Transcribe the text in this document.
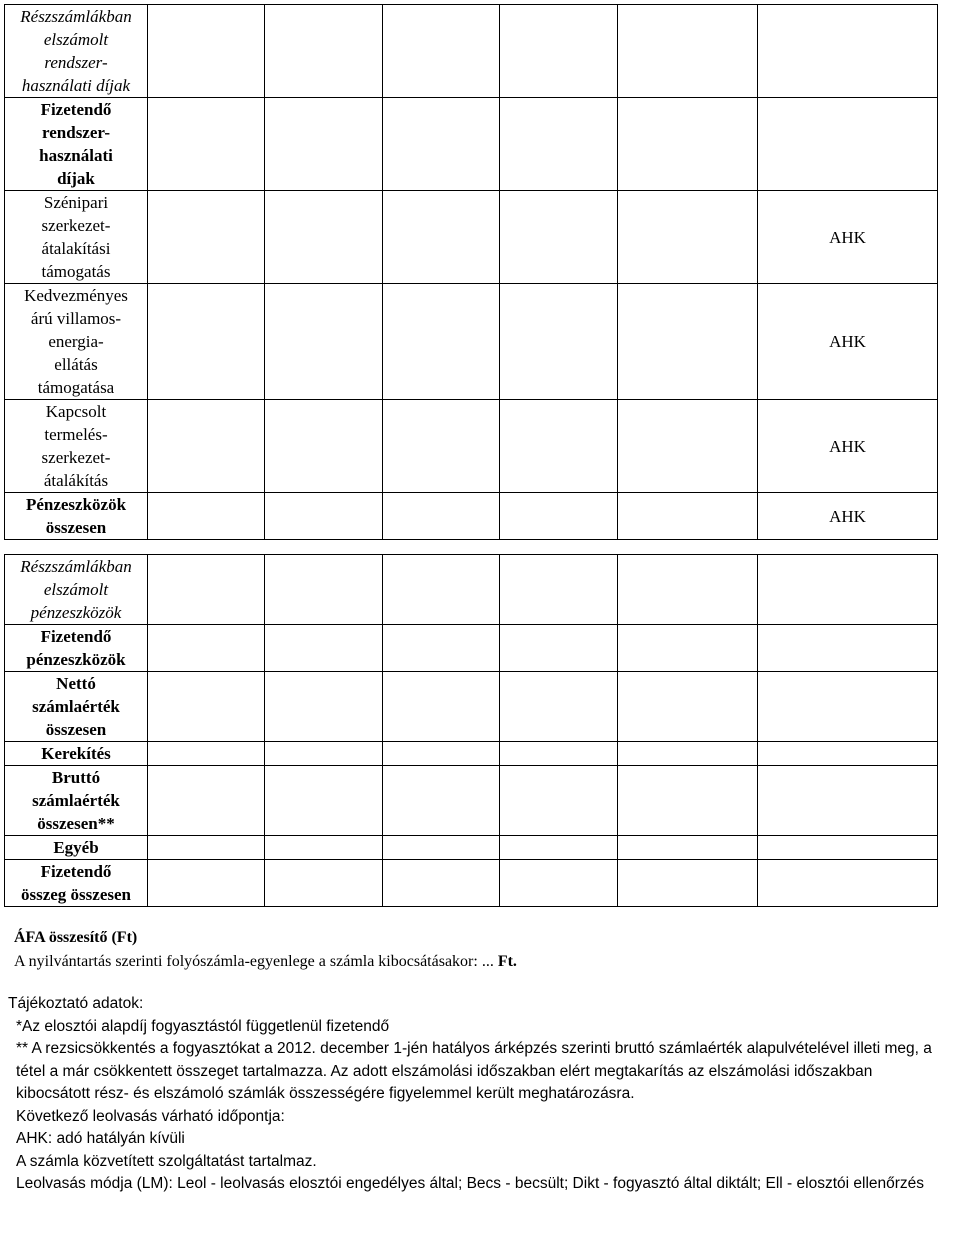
Részszámlákban
elszámolt
rendszer-
használati díjak						

Fizetendő
rendszer-
használati
díjak						

Szénipari
szerkezet-
átalakítási
támogatás						AHK

Kedvezményes
árú villamos-
energia-
ellátás
támogatása						AHK

Kapcsolt
termelés-
szerkezet-
átalákítás						AHK

Pénzeszközök
összesen						AHK

Részszámlákban
elszámolt
pénzeszközök						

Fizetendő
pénzeszközök						

Nettó
számlaérték
összesen						

Kerekítés						

Bruttó
számlaérték
összesen**						

Egyéb						

Fizetendő
összeg összesen						

ÁFA összesítő (Ft)
A nyilvántartás szerinti folyószámla-egyenlege a számla kibocsátásakor: ... Ft.

Tájékoztató adatok:

*Az elosztói alapdíj fogyasztástól függetlenül fizetendő

** A rezsicsökkentés a fogyasztókat a 2012. december 1-jén hatályos árképzés szerinti bruttó számlaérték alapulvételével illeti meg, a tétel a már csökkentett összeget tartalmazza. Az adott elszámolási időszakban elért megtakarítás az elszámolási időszakban kibocsátott rész- és elszámoló számlák összességére figyelemmel került meghatározásra.

Következő leolvasás várható időpontja:

AHK: adó hatályán kívüli

A számla közvetített szolgáltatást tartalmaz.

Leolvasás módja (LM): Leol - leolvasás elosztói engedélyes által; Becs - becsült; Dikt - fogyasztó által diktált; Ell - elosztói ellenőrzés
